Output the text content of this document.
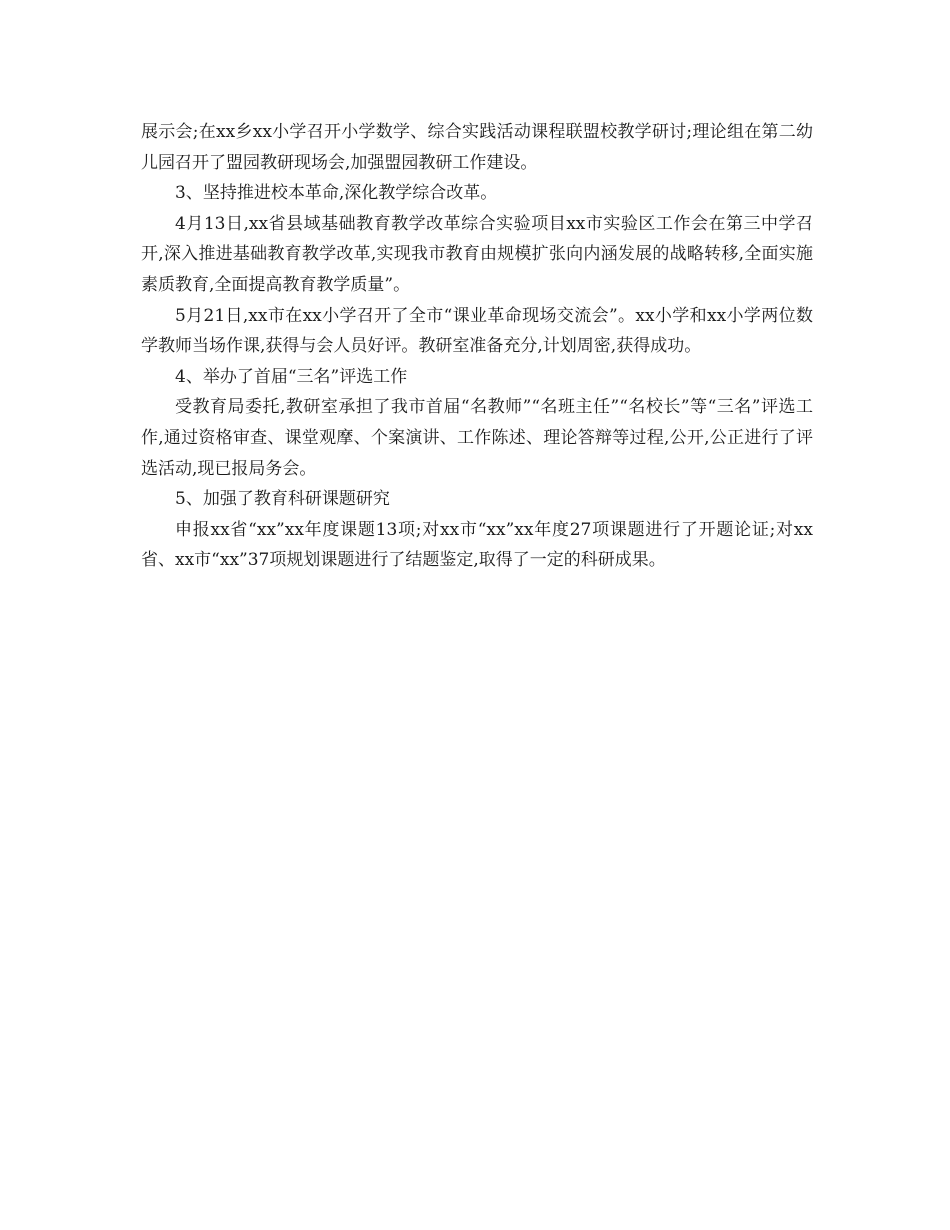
展示会;在xx乡xx小学召开小学数学、综合实践活动课程联盟校教学研讨;理论组在第二幼儿园召开了盟园教研现场会,加强盟园教研工作建设。

3、坚持推进校本革命,深化教学综合改革。

4月13日,xx省县域基础教育教学改革综合实验项目xx市实验区工作会在第三中学召开,深入推进基础教育教学改革,实现我市教育由规模扩张向内涵发展的战略转移,全面实施素质教育,全面提高教育教学质量”。

5月21日,xx市在xx小学召开了全市“课业革命现场交流会”。xx小学和xx小学两位数学教师当场作课,获得与会人员好评。教研室准备充分,计划周密,获得成功。

4、举办了首届“三名”评选工作

受教育局委托,教研室承担了我市首届“名教师”“名班主任”“名校长”等“三名”评选工作,通过资格审查、课堂观摩、个案演讲、工作陈述、理论答辩等过程,公开,公正进行了评选活动,现已报局务会。

5、加强了教育科研课题研究

申报xx省“xx”xx年度课题13项;对xx市“xx”xx年度27项课题进行了开题论证;对xx省、xx市“xx”37项规划课题进行了结题鉴定,取得了一定的科研成果。
